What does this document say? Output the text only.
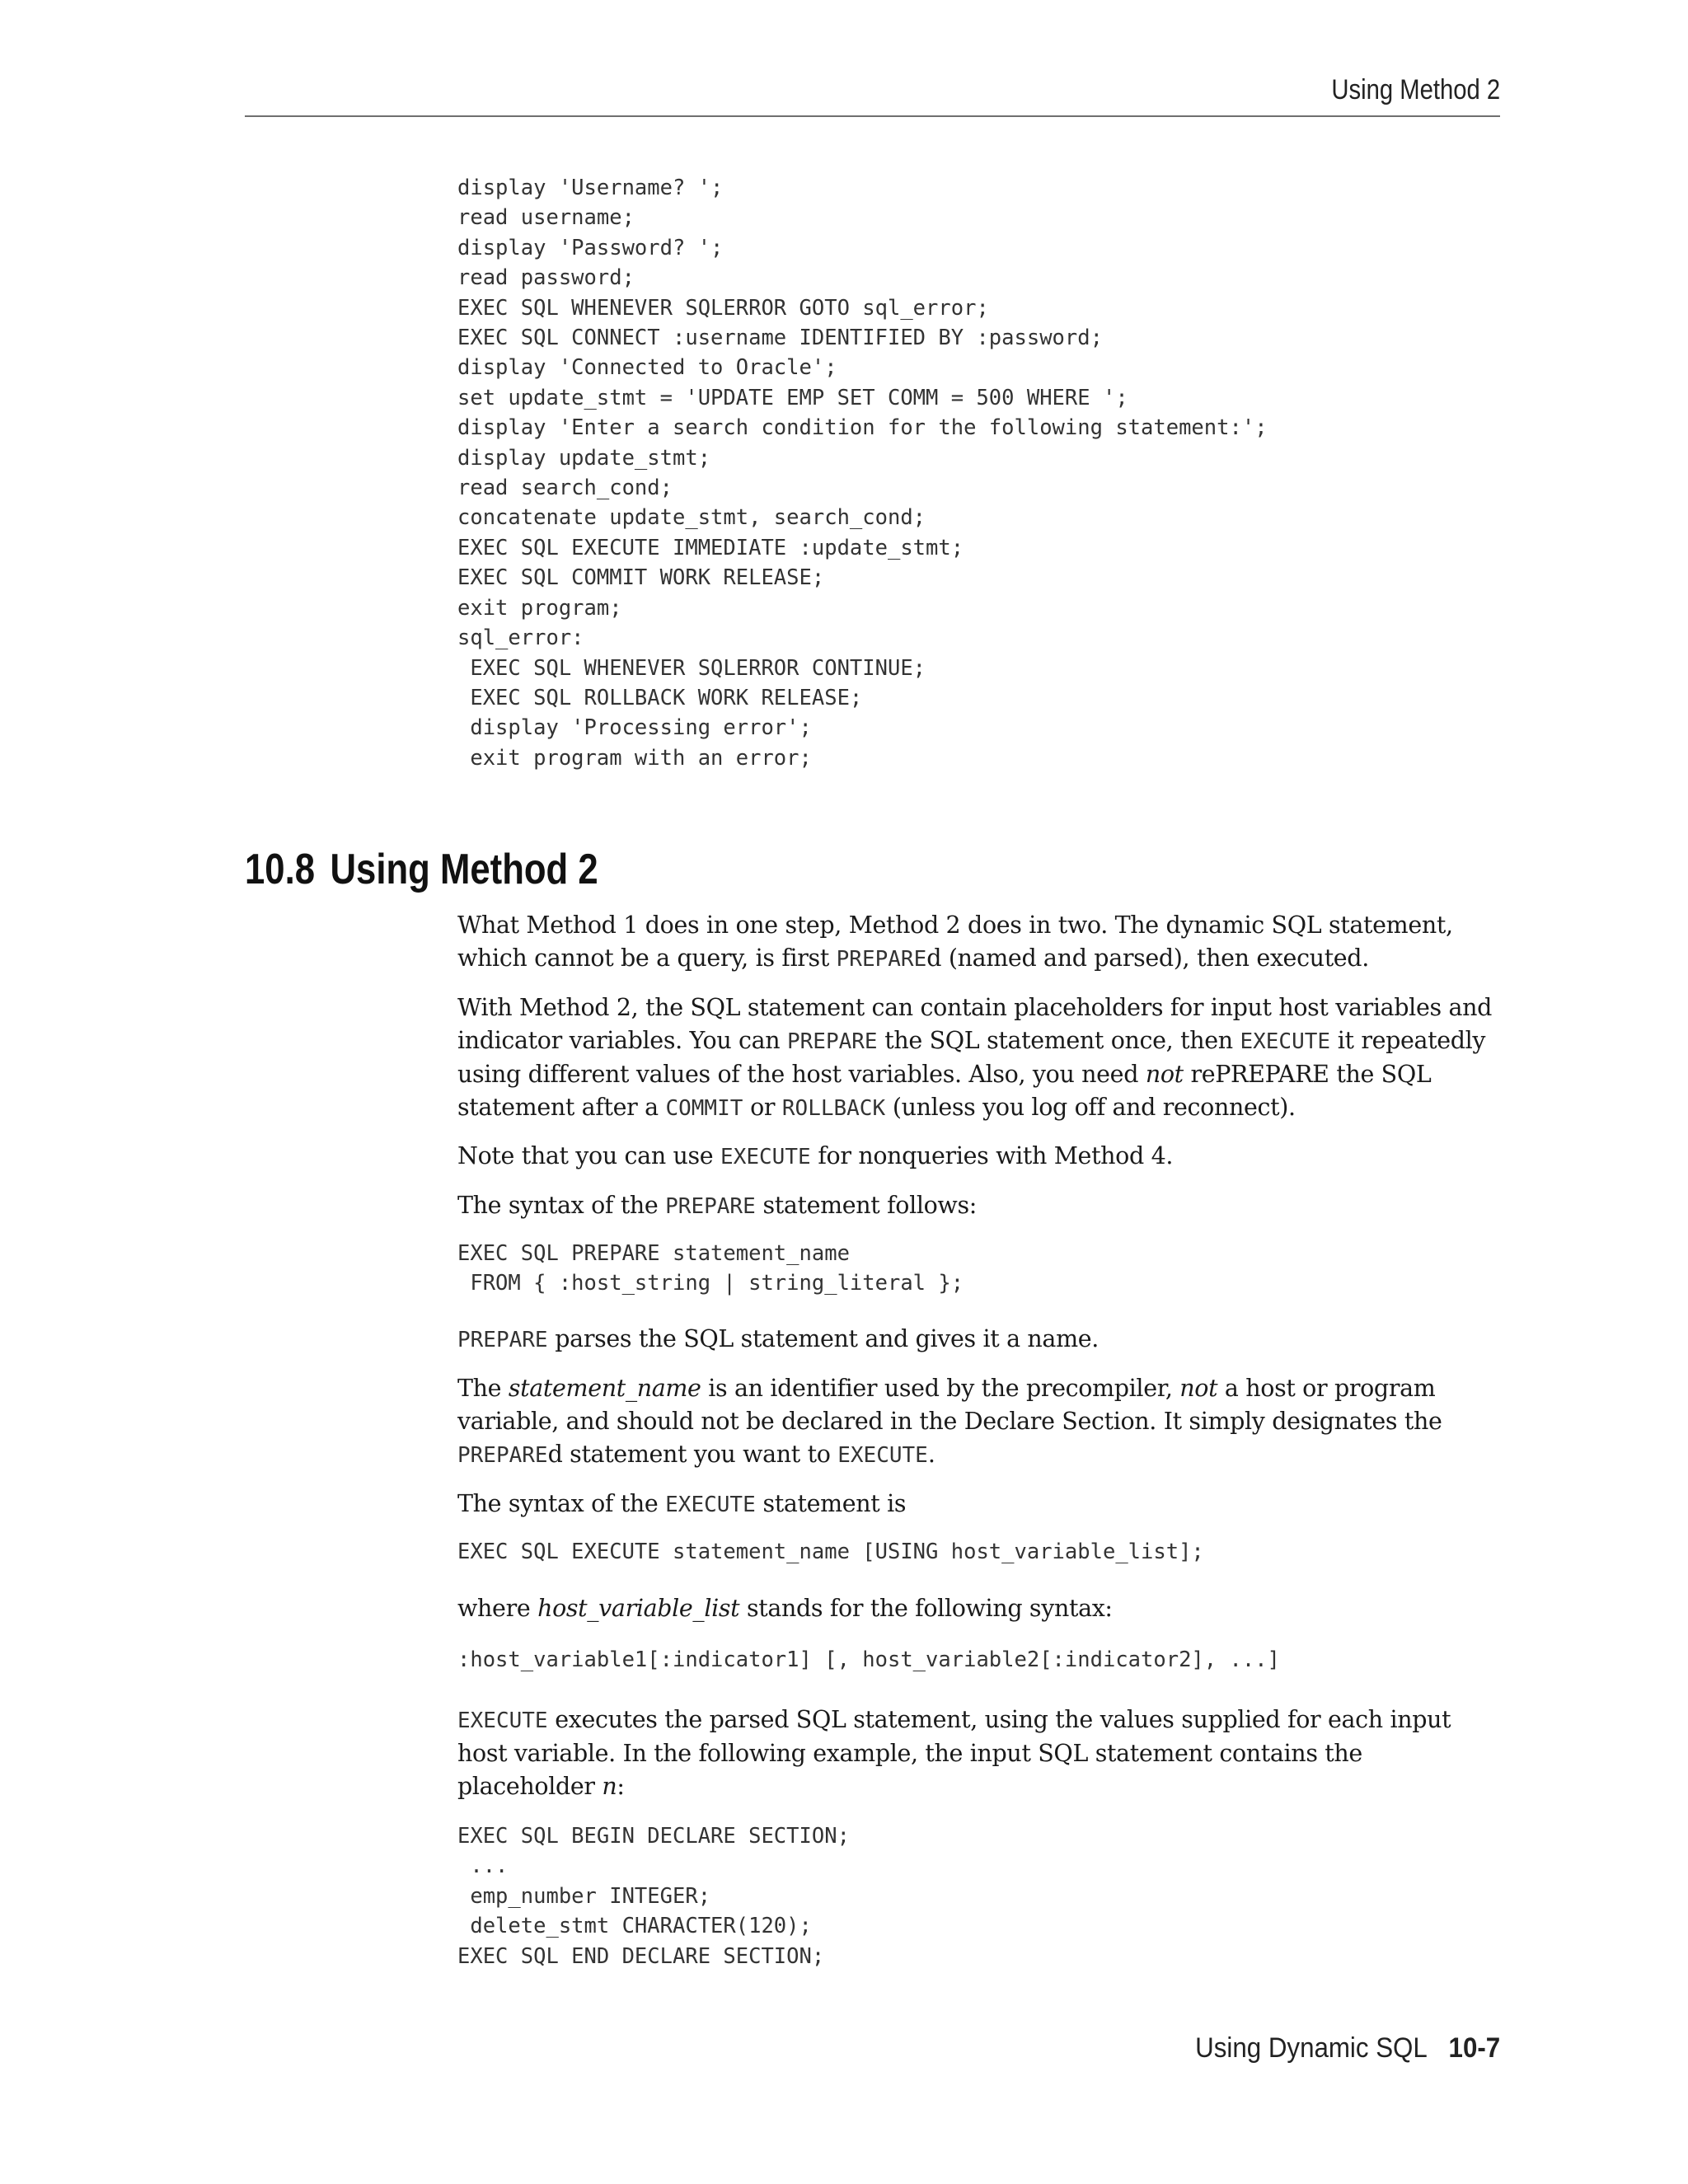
Using Method 2
display 'Username? ';
read username;
display 'Password? ';
read password;
EXEC SQL WHENEVER SQLERROR GOTO sql_error;
EXEC SQL CONNECT :username IDENTIFIED BY :password;
display 'Connected to Oracle';
set update_stmt = 'UPDATE EMP SET COMM = 500 WHERE ';
display 'Enter a search condition for the following statement:';
display update_stmt;
read search_cond;
concatenate update_stmt, search_cond;
EXEC SQL EXECUTE IMMEDIATE :update_stmt;
EXEC SQL COMMIT WORK RELEASE;
exit program;
sql_error:
EXEC SQL WHENEVER SQLERROR CONTINUE;
EXEC SQL ROLLBACK WORK RELEASE;
display 'Processing error';
exit program with an error;
10.8 Using Method 2

What Method 1 does in one step, Method 2 does in two. The dynamic SQL statement, which cannot be a query, is first PREPAREd (named and parsed), then executed.

With Method 2, the SQL statement can contain placeholders for input host variables and indicator variables. You can PREPARE the SQL statement once, then EXECUTE it repeatedly using different values of the host variables. Also, you need not rePREPARE the SQL statement after a COMMIT or ROLLBACK (unless you log off and reconnect).

Note that you can use EXECUTE for nonqueries with Method 4.

The syntax of the PREPARE statement follows:

EXEC SQL PREPARE statement_name
FROM { :host_string | string_literal };

PREPARE parses the SQL statement and gives it a name.

The statement_name is an identifier used by the precompiler, not a host or program variable, and should not be declared in the Declare Section. It simply designates the PREPAREd statement you want to EXECUTE.

The syntax of the EXECUTE statement is

EXEC SQL EXECUTE statement_name [USING host_variable_list];

where host_variable_list stands for the following syntax:

:host_variable1[:indicator1] [, host_variable2[:indicator2], ...]

EXECUTE executes the parsed SQL statement, using the values supplied for each input host variable. In the following example, the input SQL statement contains the placeholder n:

EXEC SQL BEGIN DECLARE SECTION;
...
emp_number INTEGER;
delete_stmt CHARACTER(120);
EXEC SQL END DECLARE SECTION;
Using Dynamic SQL 10-7
